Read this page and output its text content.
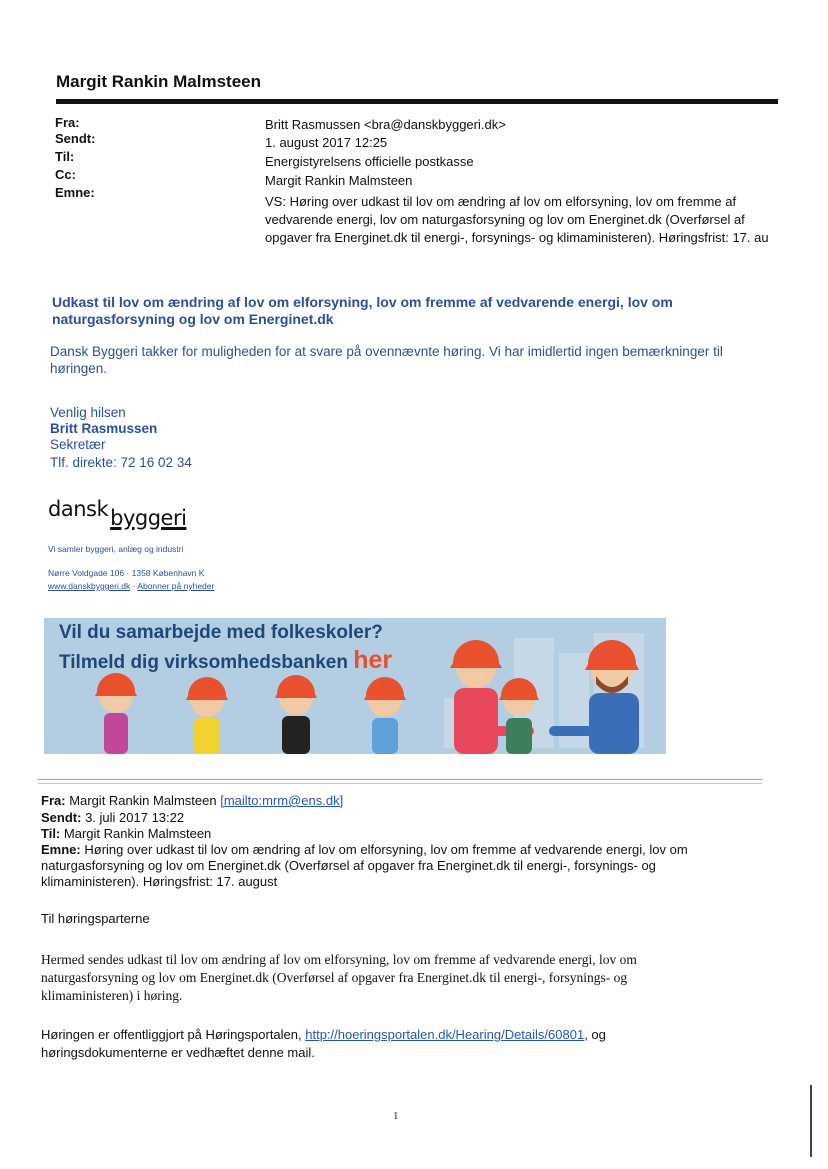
Margit Rankin Malmsteen
Fra:
Sendt:
Til:
Cc:
Emne:
Britt Rasmussen <bra@danskbyggeri.dk>
1. august 2017 12:25
Energistyrelsens officielle postkasse
Margit Rankin Malmsteen
VS: Høring over udkast til lov om ændring af lov om elforsyning, lov om fremme af vedvarende energi, lov om naturgasforsyning og lov om Energinet.dk (Overførsel af opgaver fra Energinet.dk til energi-, forsynings- og klimaministeren). Høringsfrist: 17. au
Udkast til lov om ændring af lov om elforsyning, lov om fremme af vedvarende energi, lov om naturgasforsyning og lov om Energinet.dk
Dansk Byggeri takker for muligheden for at svare på ovennævnte høring. Vi har imidlertid ingen bemærkninger til høringen.
Venlig hilsen
Britt Rasmussen
Sekretær
Tlf. direkte: 72 16 02 34
danskbyggeri
Vi samler byggeri, anlæg og industri
Nørre Voldgade 106 · 1358 København K
www.danskbyggeri.dk · Abonner på nyheder
Vil du samarbejde med folkeskoler?
Tilmeld dig virksomhedsbanken her
Fra: Margit Rankin Malmsteen [mailto:mrm@ens.dk]
Sendt: 3. juli 2017 13:22
Til: Margit Rankin Malmsteen
Emne: Høring over udkast til lov om ændring af lov om elforsyning, lov om fremme af vedvarende energi, lov om naturgasforsyning og lov om Energinet.dk (Overførsel af opgaver fra Energinet.dk til energi-, forsynings- og klimaministeren). Høringsfrist: 17. august
Til høringsparterne
Hermed sendes udkast til lov om ændring af lov om elforsyning, lov om fremme af vedvarende energi, lov om naturgasforsyning og lov om Energinet.dk (Overførsel af opgaver fra Energinet.dk til energi-, forsynings- og klimaministeren) i høring.
Høringen er offentliggjort på Høringsportalen, http://hoeringsportalen.dk/Hearing/Details/60801, og høringsdokumenterne er vedhæftet denne mail.
1
